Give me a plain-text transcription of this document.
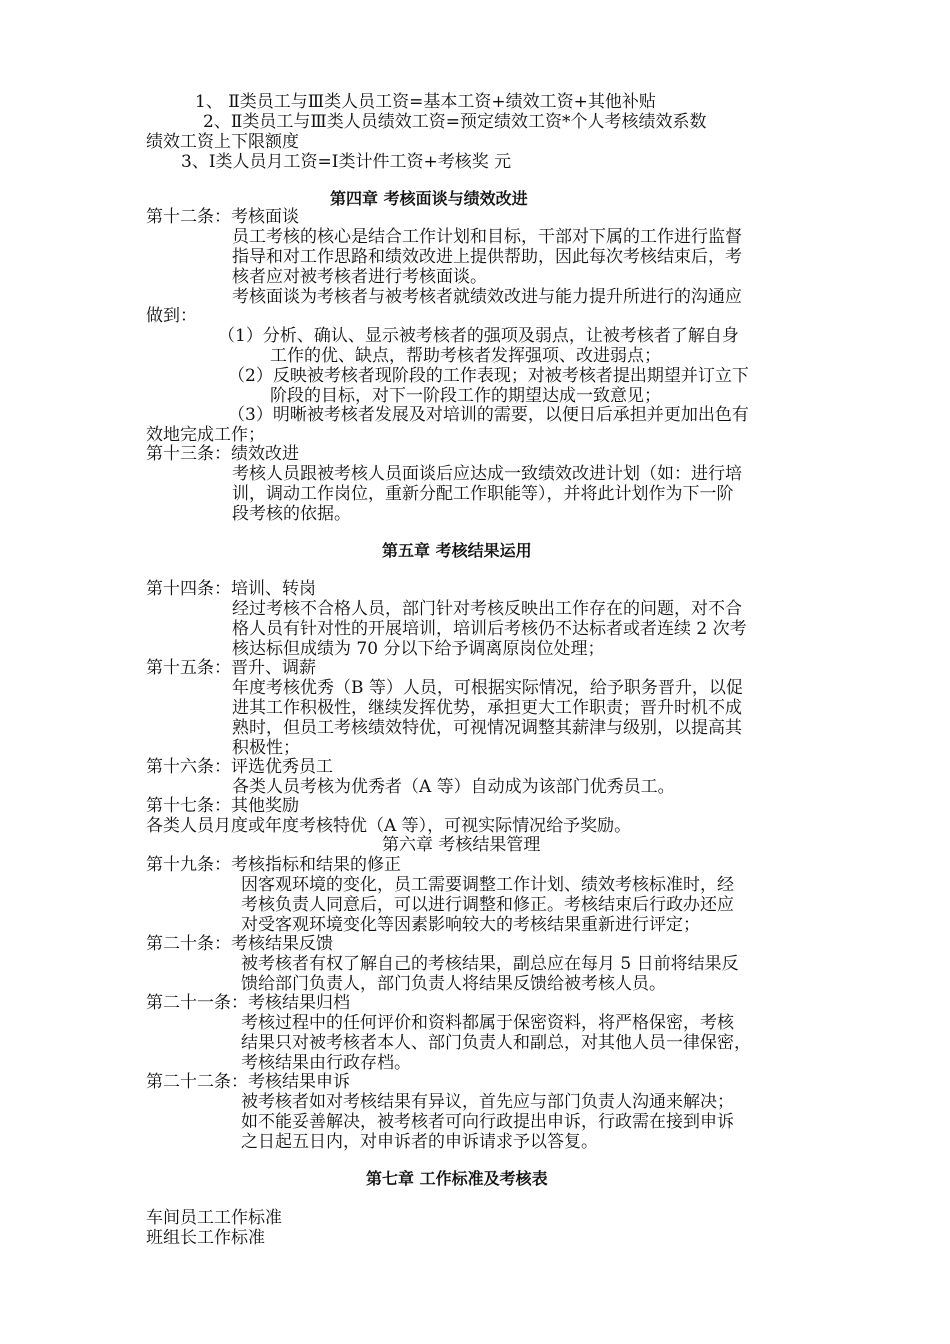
1、 Ⅱ类员工与Ⅲ类人员工资=基本工资+绩效工资+其他补贴
2、Ⅱ类员工与Ⅲ类人员绩效工资=预定绩效工资*个人考核绩效系数
绩效工资上下限额度
3、Ⅰ类人员月工资=Ⅰ类计件工资+考核奖 元
第四章 考核面谈与绩效改进
第十二条：考核面谈
员工考核的核心是结合工作计划和目标，干部对下属的工作进行监督
指导和对工作思路和绩效改进上提供帮助，因此每次考核结束后，考
核者应对被考核者进行考核面谈。
考核面谈为考核者与被考核者就绩效改进与能力提升所进行的沟通应
做到：
（1）分析、确认、显示被考核者的强项及弱点，让被考核者了解自身
工作的优、缺点，帮助考核者发挥强项、改进弱点；
（2）反映被考核者现阶段的工作表现；对被考核者提出期望并订立下
阶段的目标，对下一阶段工作的期望达成一致意见；
（3）明晰被考核者发展及对培训的需要，以便日后承担并更加出色有
效地完成工作；
第十三条：绩效改进
考核人员跟被考核人员面谈后应达成一致绩效改进计划（如：进行培
训，调动工作岗位，重新分配工作职能等），并将此计划作为下一阶
段考核的依据。
第五章 考核结果运用
第十四条：培训、转岗
经过考核不合格人员，部门针对考核反映出工作存在的问题，对不合
格人员有针对性的开展培训，培训后考核仍不达标者或者连续 2 次考
核达标但成绩为 70 分以下给予调离原岗位处理；
第十五条：晋升、调薪
年度考核优秀（B 等）人员，可根据实际情况，给予职务晋升，以促
进其工作积极性，继续发挥优势，承担更大工作职责；晋升时机不成
熟时，但员工考核绩效特优，可视情况调整其薪津与级别，以提高其
积极性；
第十六条：评选优秀员工
各类人员考核为优秀者（A 等）自动成为该部门优秀员工。
第十七条：其他奖励
各类人员月度或年度考核特优（A 等），可视实际情况给予奖励。
第六章 考核结果管理
第十九条：考核指标和结果的修正
因客观环境的变化，员工需要调整工作计划、绩效考核标准时，经
考核负责人同意后，可以进行调整和修正。考核结束后行政办还应
对受客观环境变化等因素影响较大的考核结果重新进行评定；
第二十条：考核结果反馈
被考核者有权了解自己的考核结果，副总应在每月 5 日前将结果反
馈给部门负责人，部门负责人将结果反馈给被考核人员。
第二十一条：考核结果归档
考核过程中的任何评价和资料都属于保密资料，将严格保密，考核
结果只对被考核者本人、部门负责人和副总，对其他人员一律保密，
考核结果由行政存档。
第二十二条：考核结果申诉
被考核者如对考核结果有异议，首先应与部门负责人沟通来解决；
如不能妥善解决，被考核者可向行政提出申诉，行政需在接到申诉
之日起五日内，对申诉者的申诉请求予以答复。
第七章 工作标准及考核表
车间员工工作标准
班组长工作标准
